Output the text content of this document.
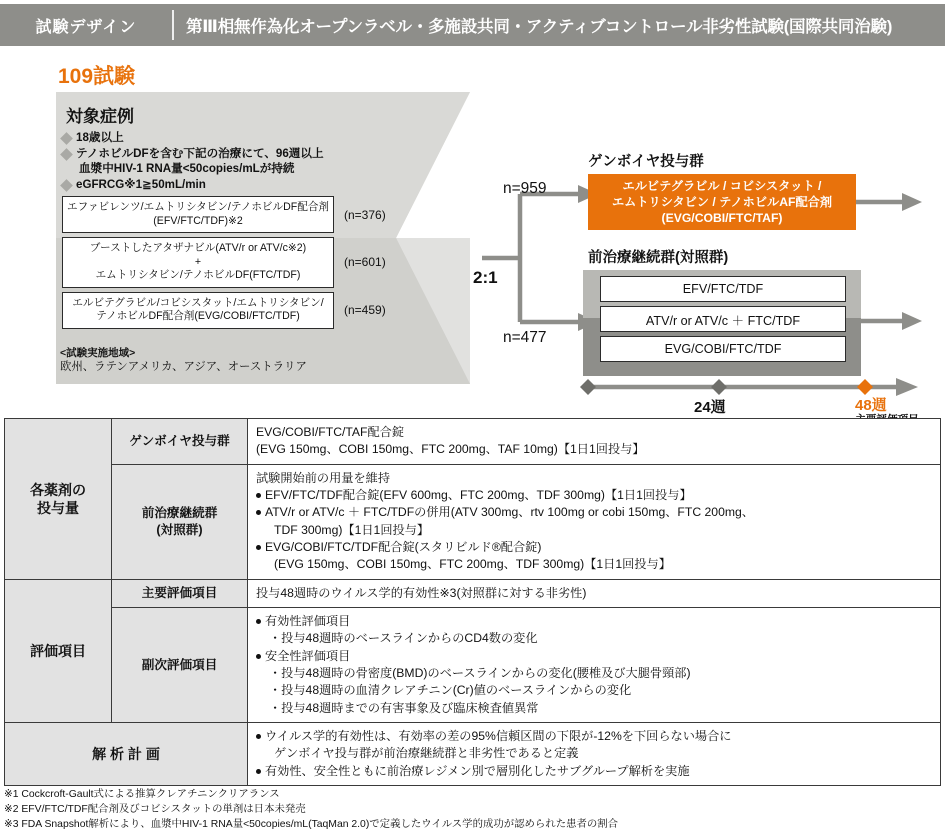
試験デザイン	第Ⅲ相無作為化オープンラベル・多施設共同・アクティブコントロール非劣性試験(国際共同治験)
109試験
対象症例
18歳以上
テノホビルDFを含む下記の治療にて、96週以上
血漿中HIV-1 RNA量<50copies/mLが持続
eGFRCG※1≧50mL/min
エファビレンツ/エムトリシタビン/テノホビルDF配合剤
(EFV/FTC/TDF)※2	(n=376)
ブーストしたアタザナビル(ATV/r or ATV/c※2)
+
エムトリシタビン/テノホビルDF(FTC/TDF)
(n=601)
エルビテグラビル/コビシスタット/エムトリシタビン/
テノホビルDF配合剤(EVG/COBI/FTC/TDF)	(n=459)
<試験実施地域>
欧州、ラテンアメリカ、アジア、オーストラリア
2:1
n=959
n=477
ゲンボイヤ投与群
エルビテグラビル / コビシスタット /
エムトリシタビン / テノホビルAF配合剤
(EVG/COBI/FTC/TAF)
前治療継続群(対照群)
EFV/FTC/TDF
ATV/r or ATV/c ＋ FTC/TDF
EVG/COBI/FTC/TDF
24週	48週

各薬剤の
投与量	ゲンボイヤ投与群	EVG/COBI/FTC/TAF配合錠
(EVG 150mg、COBI 150mg、FTC 200mg、TAF 10mg)【1日1回投与】
前治療継続群
(対照群)	
試験開始前の用量を維持
EFV/FTC/TDF配合錠(EFV 600mg、FTC 200mg、TDF 300mg)【1日1回投与】
ATV/r or ATV/c ＋ FTC/TDFの併用(ATV 300mg、rtv 100mg or cobi 150mg、FTC 200mg、
TDF 300mg)【1日1回投与】
EVG/COBI/FTC/TDF配合錠(スタリビルド®配合錠)
(EVG 150mg、COBI 150mg、FTC 200mg、TDF 300mg)【1日1回投与】

評価項目	主要評価項目	投与48週時のウイルス学的有効性※3(対照群に対する非劣性)
副次評価項目	
有効性評価項目
・投与48週時のベースラインからのCD4数の変化
安全性評価項目
・投与48週時の骨密度(BMD)のベースラインからの変化(腰椎及び大腿骨頸部)
・投与48週時の血清クレアチニン(Cr)値のベースラインからの変化
・投与48週時までの有害事象及び臨床検査値異常

解 析 計 画		ウイルス学的有効性は、有効率の差の95%信頼区間の下限が-12%を下回らない場合に
ゲンボイヤ投与群が前治療継続群と非劣性であると定義
有効性、安全性ともに前治療レジメン別で層別化したサブグループ解析を実施
※1 Cockcroft-Gault式による推算クレアチニンクリアランス
※2 EFV/FTC/TDF配合剤及びコビシスタットの単剤は日本未発売
※3 FDA Snapshot解析により、血漿中HIV-1 RNA量<50copies/mL(TaqMan 2.0)で定義したウイルス学的成功が認められた患者の割合
